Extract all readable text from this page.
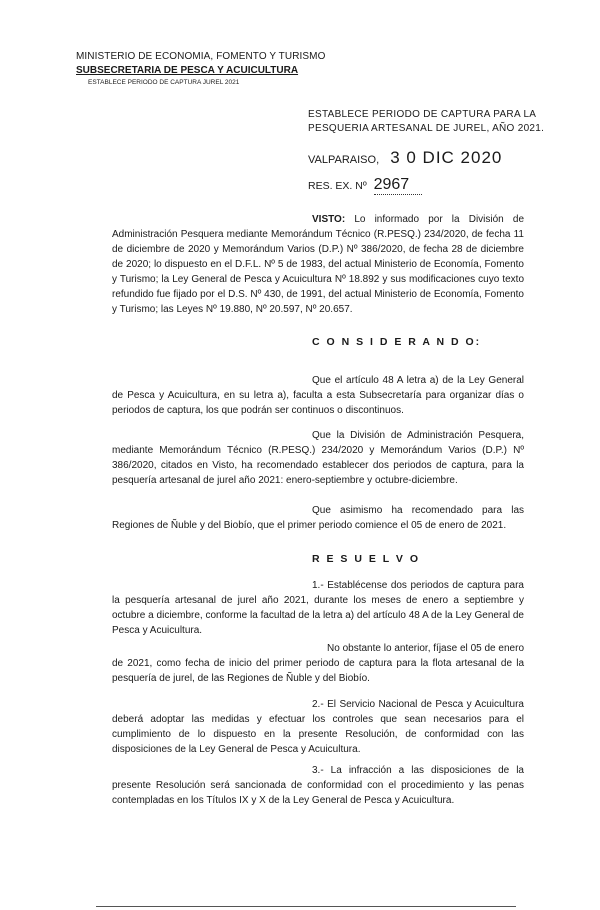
MINISTERIO DE ECONOMIA, FOMENTO Y TURISMO
SUBSECRETARIA DE PESCA Y ACUICULTURA
ESTABLECE PERIODO DE CAPTURA JUREL 2021
ESTABLECE PERIODO DE CAPTURA PARA LA PESQUERIA ARTESANAL DE JUREL, AÑO 2021.
VALPARAISO, 3 0 DIC 2020
RES. EX. Nº 2967
VISTO: Lo informado por la División de Administración Pesquera mediante Memorándum Técnico (R.PESQ.) 234/2020, de fecha 11 de diciembre de 2020 y Memorándum Varios (D.P.) Nº 386/2020, de fecha 28 de diciembre de 2020; lo dispuesto en el D.F.L. Nº 5 de 1983, del actual Ministerio de Economía, Fomento y Turismo; la Ley General de Pesca y Acuicultura Nº 18.892 y sus modificaciones cuyo texto refundido fue fijado por el D.S. Nº 430, de 1991, del actual Ministerio de Economía, Fomento y Turismo; las Leyes Nº 19.880, Nº 20.597, Nº 20.657.
C O N S I D E R A N D O:
Que el artículo 48 A letra a) de la Ley General de Pesca y Acuicultura, en su letra a), faculta a esta Subsecretaría para organizar días o periodos de captura, los que podrán ser continuos o discontinuos.
Que la División de Administración Pesquera, mediante Memorándum Técnico (R.PESQ.) 234/2020 y Memorándum Varios (D.P.) Nº 386/2020, citados en Visto, ha recomendado establecer dos periodos de captura, para la pesquería artesanal de jurel año 2021: enero-septiembre y octubre-diciembre.
Que asimismo ha recomendado para las Regiones de Ñuble y del Biobío, que el primer periodo comience el 05 de enero de 2021.
R E S U E L V O
1.- Establécense dos periodos de captura para la pesquería artesanal de jurel año 2021, durante los meses de enero a septiembre y octubre a diciembre, conforme la facultad de la letra a) del artículo 48 A de la Ley General de Pesca y Acuicultura.
No obstante lo anterior, fíjase el 05 de enero de 2021, como fecha de inicio del primer periodo de captura para la flota artesanal de la pesquería de jurel, de las Regiones de Ñuble y del Biobío.
2.- El Servicio Nacional de Pesca y Acuicultura deberá adoptar las medidas y efectuar los controles que sean necesarios para el cumplimiento de lo dispuesto en la presente Resolución, de conformidad con las disposiciones de la Ley General de Pesca y Acuicultura.
3.- La infracción a las disposiciones de la presente Resolución será sancionada de conformidad con el procedimiento y las penas contempladas en los Títulos IX y X de la Ley General de Pesca y Acuicultura.
